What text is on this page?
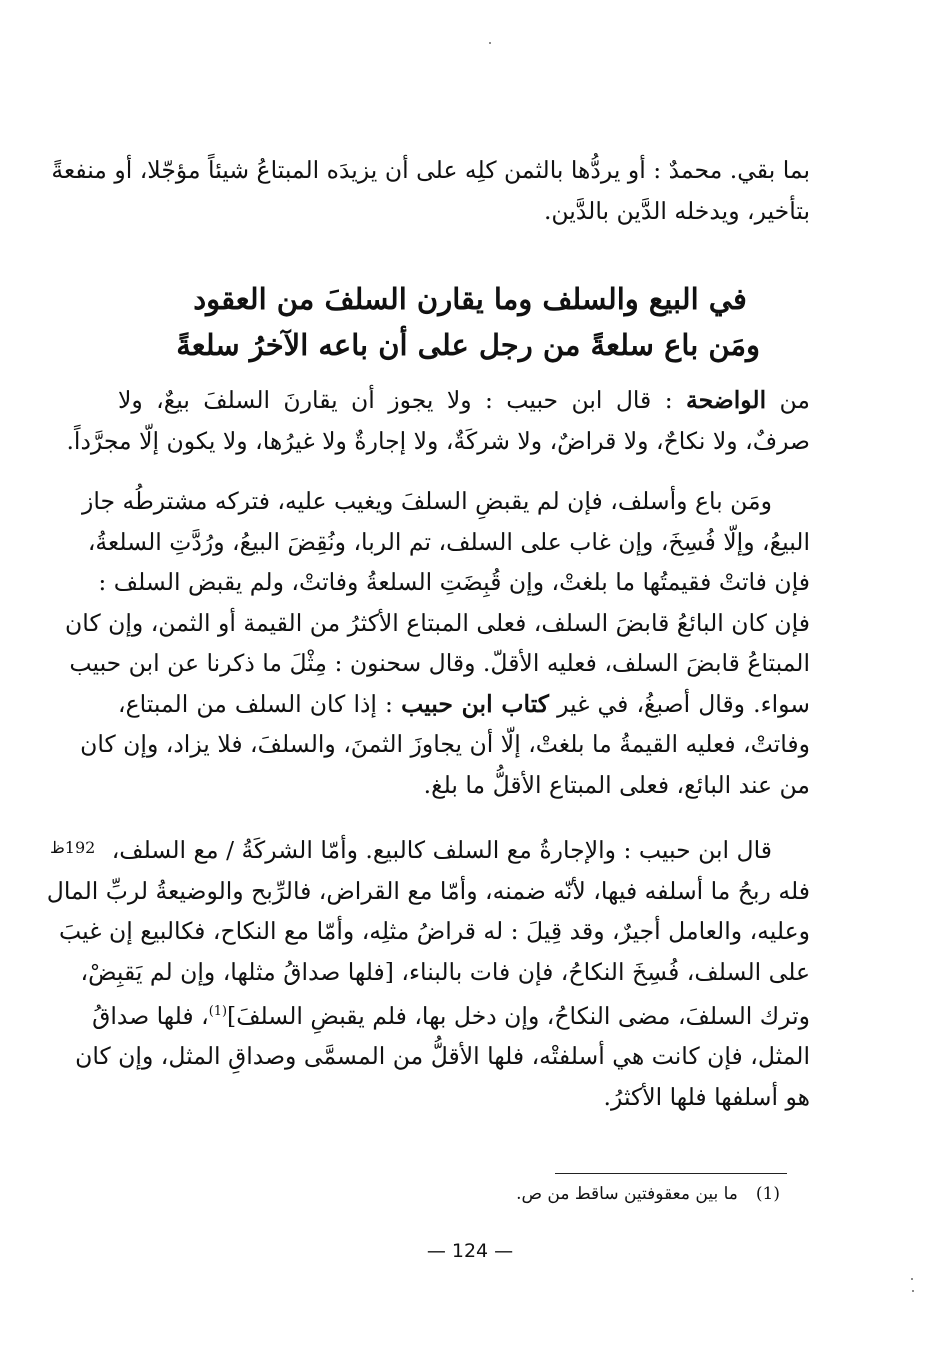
بما بقي. محمدٌ : أو يردُّها بالثمن كلِه على أن يزيدَه المبتاعُ شيئاً مؤجّلا، أو منفعةً
بتأخير، ويدخله الدَّين بالدَّين.
في البيع والسلف وما يقارن السلفَ من العقود
ومَن باع سلعةً من رجل على أن باعه الآخرُ سلعةً
من الواضحة : قال ابن حبيب : ولا يجوز أن يقارنَ السلفَ بيعٌ، ولا
صرفٌ، ولا نكاحٌ، ولا قراضٌ، ولا شركَةٌ، ولا إجارةٌ ولا غيرُها، ولا يكون إلّا مجرَّداً.
ومَن باع وأسلف، فإن لم يقبضِ السلفَ ويغيب عليه، فتركه مشترطُه جاز
البيعُ، وإلّا فُسِخَ، وإن غاب على السلف، تم الربا، ونُقِضَ البيعُ، ورُدَّتِ السلعةُ،
فإن فاتتْ فقيمتُها ما بلغتْ، وإن قُبِضَتِ السلعةُ وفاتتْ، ولم يقبض السلف :
فإن كان البائعُ قابضَ السلف، فعلى المبتاع الأكثرُ من القيمة أو الثمن، وإن كان
المبتاعُ قابضَ السلف، فعليه الأقلّ. وقال سحنون : مِثْلَ ما ذكرنا عن ابن حبيب
سواء. وقال أصبغُ، في غير كتاب ابن حبيب : إذا كان السلف من المبتاع،
وفاتتْ، فعليه القيمةُ ما بلغتْ، إلّا أن يجاوزَ الثمنَ، والسلفَ، فلا يزاد، وإن كان
من عند البائع، فعلى المبتاع الأقلُّ ما بلغ.
192ظ قال ابن حبيب : والإجارةُ مع السلف كالبيع. وأمّا الشركَةُ / مع السلف،
فله ربحُ ما أسلفه فيها، لأنّه ضمنه، وأمّا مع القراض، فالرِّبح والوضيعةُ لربِّ المال
وعليه، والعامل أجيرٌ، وقد قِيلَ : له قراضُ مثلِه، وأمّا مع النكاح، فكالبيع إن غيبَ
على السلف، فُسِخَ النكاحُ، فإن فات بالبناء، [فلها صداقُ مثلها، وإن لم يَقبِضْ،
وترك السلفَ، مضى النكاحُ، وإن دخل بها، فلم يقبضِ السلفَ]$^{(1)}$، فلها صداقُ
المثل، فإن كانت هي أسلفتْه، فلها الأقلُّ من المسمَّى وصداقِ المثل، وإن كان
هو أسلفها فلها الأكثرُ.
(1)ما بين معقوفتين ساقط من ص.
— 124 —
